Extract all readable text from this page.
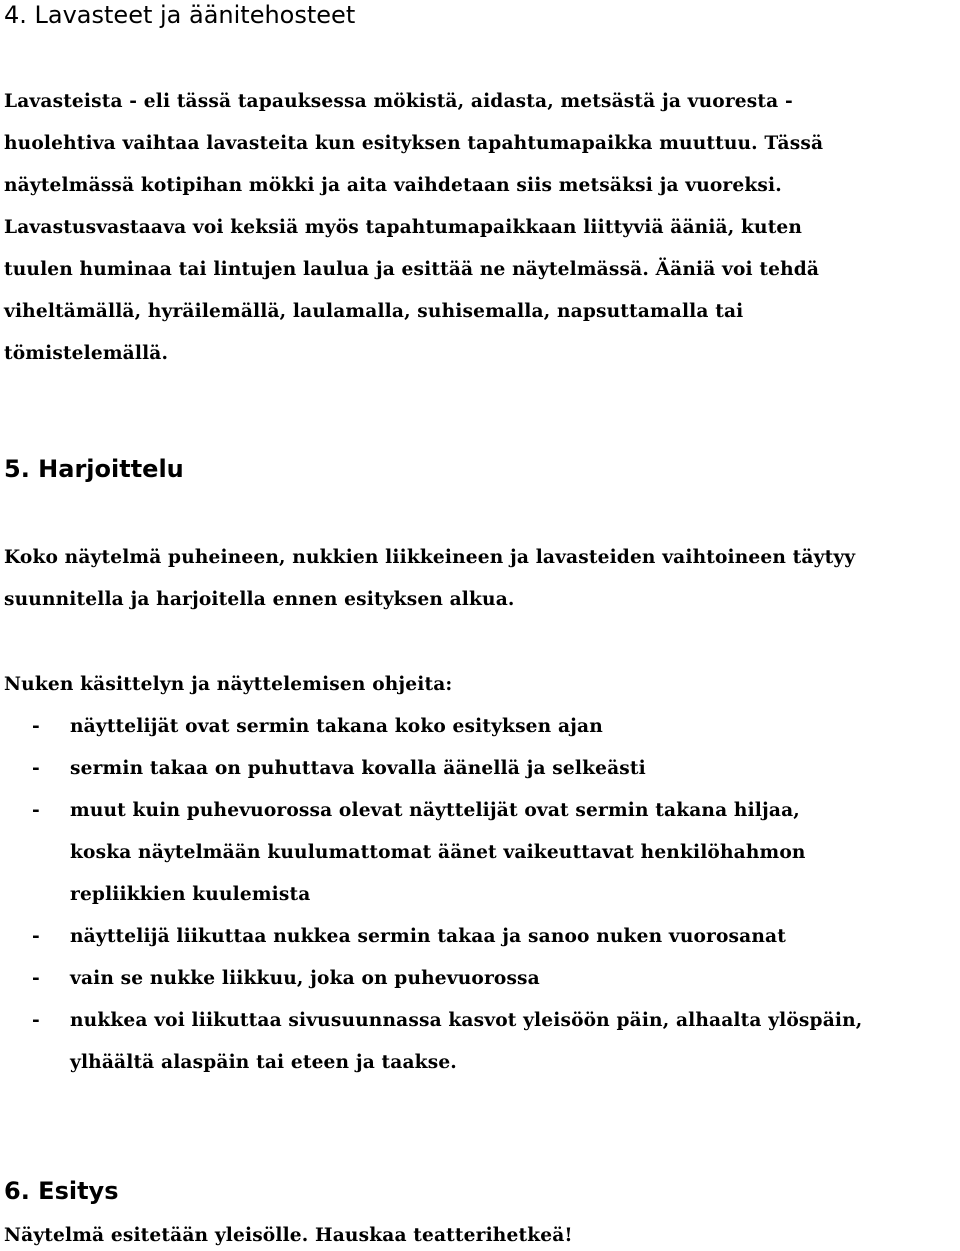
4. Lavasteet ja äänitehosteet
Lavasteista - eli tässä tapauksessa mökistä, aidasta, metsästä ja vuoresta -
huolehtiva vaihtaa lavasteita kun esityksen tapahtumapaikka muuttuu. Tässä
näytelmässä kotipihan mökki ja aita vaihdetaan siis metsäksi ja vuoreksi.
Lavastusvastaava voi keksiä myös tapahtumapaikkaan liittyviä ääniä, kuten
tuulen huminaa tai lintujen laulua ja esittää ne näytelmässä. Ääniä voi tehdä
viheltämällä, hyräilemällä, laulamalla, suhisemalla, napsuttamalla tai
tömistelemällä.
5. Harjoittelu
Koko näytelmä puheineen, nukkien liikkeineen ja lavasteiden vaihtoineen täytyy
suunnitella ja harjoitella ennen esityksen alkua.
Nuken käsittelyn ja näyttelemisen ohjeita:
- näyttelijät ovat sermin takana koko esityksen ajan
- sermin takaa on puhuttava kovalla äänellä ja selkeästi
- muut kuin puhevuorossa olevat näyttelijät ovat sermin takana hiljaa,
koska näytelmään kuulumattomat äänet vaikeuttavat henkilöhahmon
repliikkien kuulemista
- näyttelijä liikuttaa nukkea sermin takaa ja sanoo nuken vuorosanat
- vain se nukke liikkuu, joka on puhevuorossa
- nukkea voi liikuttaa sivusuunnassa kasvot yleisöön päin, alhaalta ylöspäin,
ylhäältä alaspäin tai eteen ja taakse.
6. Esitys
Näytelmä esitetään yleisölle. Hauskaa teatterihetkeä!
